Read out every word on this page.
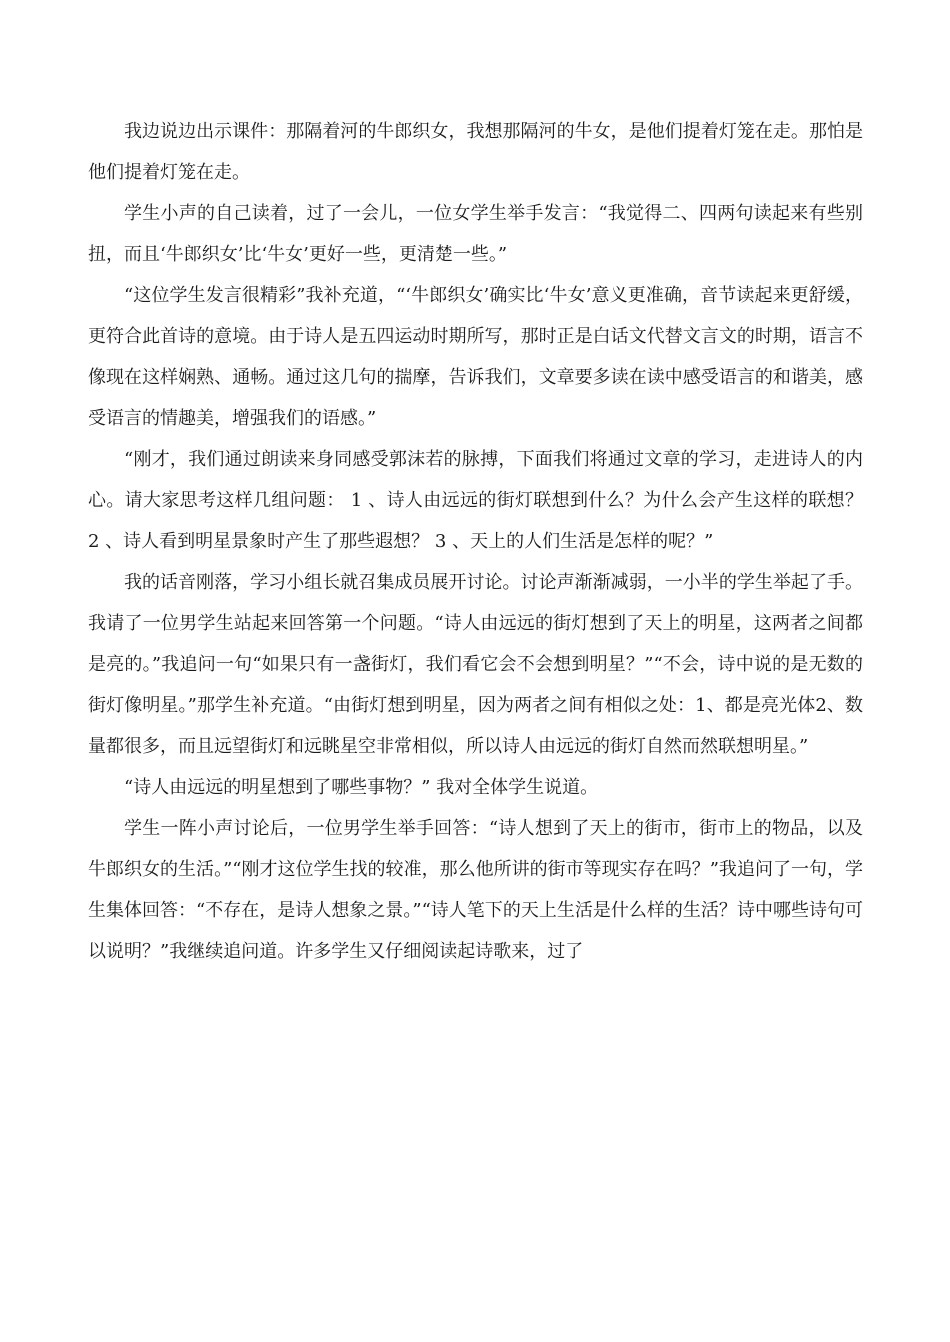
我边说边出示课件：那隔着河的牛郎织女，我想那隔河的牛女，是他们提着灯笼在走。那怕是他们提着灯笼在走。

学生小声的自己读着，过了一会儿，一位女学生举手发言：“我觉得二、四两句读起来有些别扭，而且‘牛郎织女’比‘牛女’更好一些，更清楚一些。”

“这位学生发言很精彩”我补充道，“‘牛郎织女’确实比‘牛女’意义更准确，音节读起来更舒缓，更符合此首诗的意境。由于诗人是五四运动时期所写，那时正是白话文代替文言文的时期，语言不像现在这样娴熟、通畅。通过这几句的揣摩，告诉我们，文章要多读在读中感受语言的和谐美，感受语言的情趣美，增强我们的语感。”

“刚才，我们通过朗读来身同感受郭沫若的脉搏，下面我们将通过文章的学习，走进诗人的内心。请大家思考这样几组问题： 1 、诗人由远远的街灯联想到什么？为什么会产生这样的联想？ 2 、诗人看到明星景象时产生了那些遐想？ 3 、天上的人们生活是怎样的呢？”

我的话音刚落，学习小组长就召集成员展开讨论。讨论声渐渐减弱，一小半的学生举起了手。我请了一位男学生站起来回答第一个问题。“诗人由远远的街灯想到了天上的明星，这两者之间都是亮的。”我追问一句“如果只有一盏街灯，我们看它会不会想到明星？”“不会，诗中说的是无数的街灯像明星。”那学生补充道。“由街灯想到明星，因为两者之间有相似之处：1、都是亮光体2、数量都很多，而且远望街灯和远眺星空非常相似，所以诗人由远远的街灯自然而然联想明星。”

“诗人由远远的明星想到了哪些事物？” 我对全体学生说道。

学生一阵小声讨论后，一位男学生举手回答：“诗人想到了天上的街市，街市上的物品，以及牛郎织女的生活。”“刚才这位学生找的较准，那么他所讲的街市等现实存在吗？”我追问了一句，学生集体回答：“不存在，是诗人想象之景。”“诗人笔下的天上生活是什么样的生活？诗中哪些诗句可以说明？”我继续追问道。许多学生又仔细阅读起诗歌来，过了
